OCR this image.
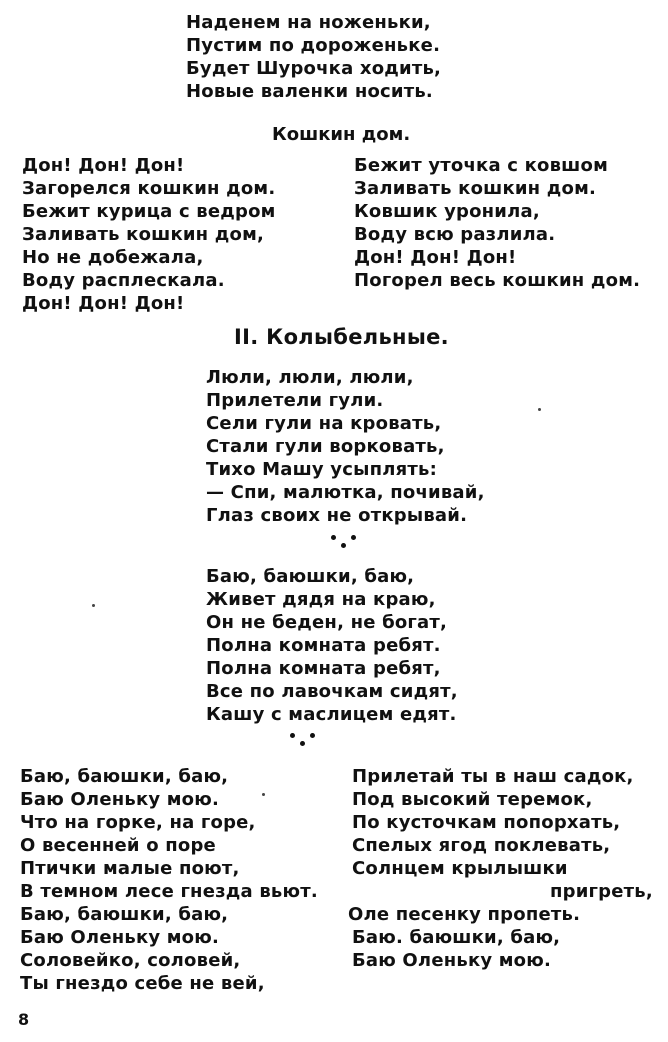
Наденем на ноженьки,
Пустим по дороженьке.
Будет Шурочка ходить,
Новые валенки носить.
Кошкин дом.
Дон! Дон! Дон!
Загорелся кошкин дом.
Бежит курица с ведром
Заливать кошкин дом,
Но не добежала,
Воду расплескала.
Дон! Дон! Дон!
Бежит уточка с ковшом
Заливать кошкин дом.
Ковшик уронила,
Воду всю разлила.
Дон! Дон! Дон!
Погорел весь кошкин дом.
II. Колыбельные.
Люли, люли, люли,
Прилетели гули.
Сели гули на кровать,
Стали гули ворковать,
Тихо Машу усыплять:
— Спи, малютка, почивай,
Глаз своих не открывай.
Баю, баюшки, баю,
Живет дядя на краю,
Он не беден, не богат,
Полна комната ребят.
Полна комната ребят,
Все по лавочкам сидят,
Кашу с маслицем едят.
Баю, баюшки, баю,
Баю Оленьку мою.
Что на горке, на горе,
О весенней о поре
Птички малые поют,
В темном лесе гнезда вьют.
Баю, баюшки, баю,
Баю Оленьку мою.
Соловейко, соловей,
Ты гнездо себе не вей,
Прилетай ты в наш садок,
Под высокий теремок,
По кусточкам попорхать,
Спелых ягод поклевать,
Солнцем крылышки
пригреть,
Оле песенку пропеть.
Баю. баюшки, баю,
Баю Оленьку мою.
8
